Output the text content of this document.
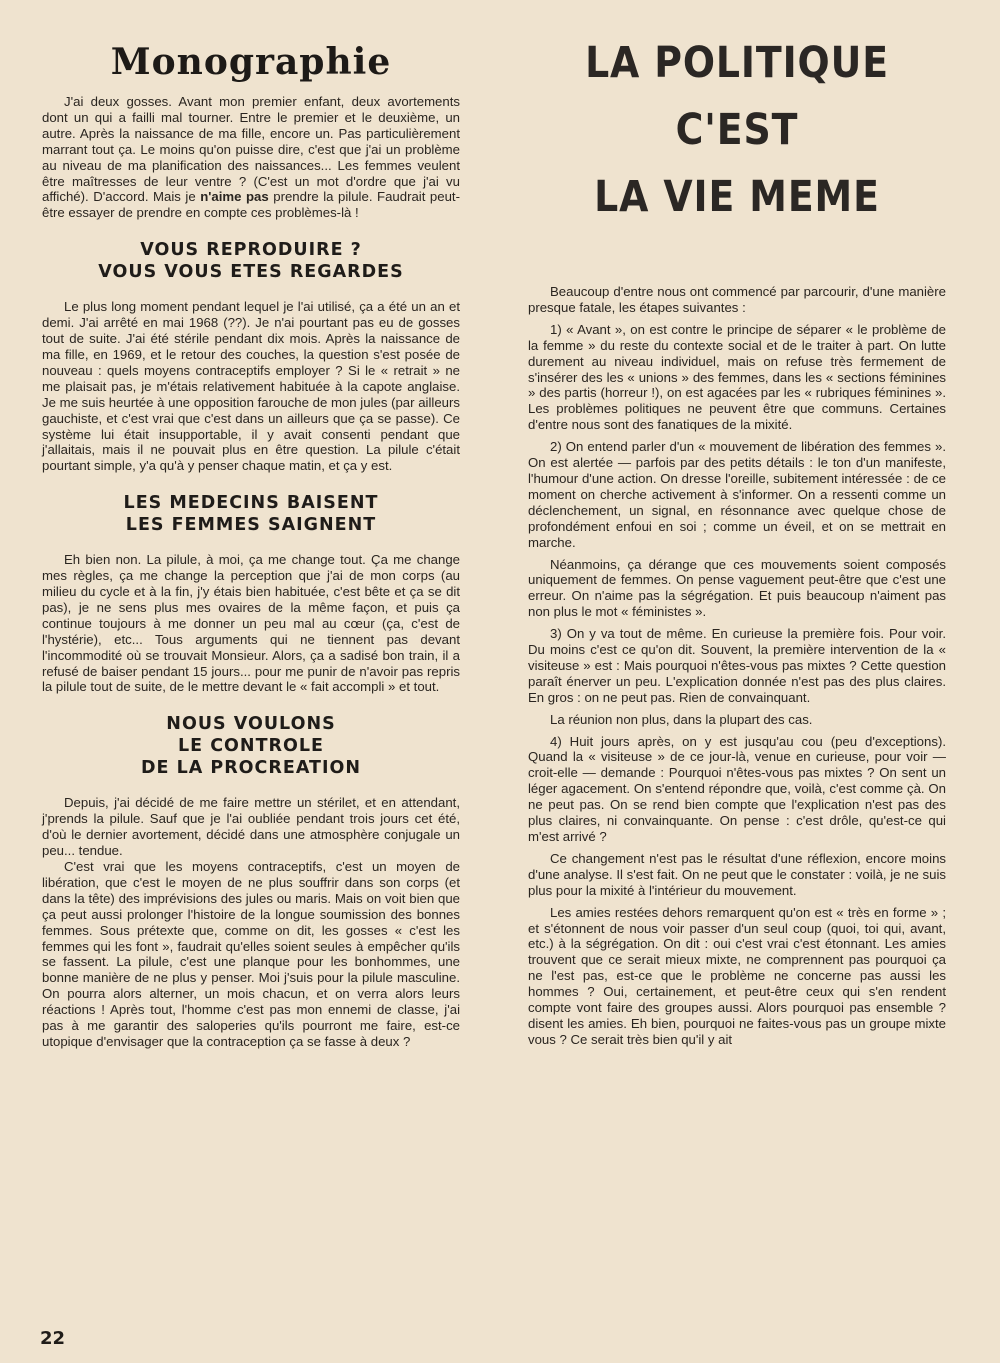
Monographie

J'ai deux gosses. Avant mon premier enfant, deux avortements dont un qui a failli mal tourner. Entre le premier et le deuxième, un autre. Après la naissance de ma fille, encore un. Pas particulièrement marrant tout ça. Le moins qu'on puisse dire, c'est que j'ai un problème au niveau de ma planification des naissances... Les femmes veulent être maîtresses de leur ventre ? (C'est un mot d'ordre que j'ai vu affiché). D'accord. Mais je n'aime pas prendre la pilule. Faudrait peut-être essayer de prendre en compte ces problèmes-là !

VOUS REPRODUIRE ?
VOUS VOUS ETES REGARDES

Le plus long moment pendant lequel je l'ai utilisé, ça a été un an et demi. J'ai arrêté en mai 1968 (??). Je n'ai pourtant pas eu de gosses tout de suite. J'ai été stérile pendant dix mois. Après la naissance de ma fille, en 1969, et le retour des couches, la question s'est posée de nouveau : quels moyens contraceptifs employer ? Si le « retrait » ne me plaisait pas, je m'étais relativement habituée à la capote anglaise. Je me suis heurtée à une opposition farouche de mon jules (par ailleurs gauchiste, et c'est vrai que c'est dans un ailleurs que ça se passe). Ce système lui était insupportable, il y avait consenti pendant que j'allaitais, mais il ne pouvait plus en être question. La pilule c'était pourtant simple, y'a qu'à y penser chaque matin, et ça y est.

LES MEDECINS BAISENT
LES FEMMES SAIGNENT

Eh bien non. La pilule, à moi, ça me change tout. Ça me change mes règles, ça me change la perception que j'ai de mon corps (au milieu du cycle et à la fin, j'y étais bien habituée, c'est bête et ça se dit pas), je ne sens plus mes ovaires de la même façon, et puis ça continue toujours à me donner un peu mal au cœur (ça, c'est de l'hystérie), etc... Tous arguments qui ne tiennent pas devant l'incommodité où se trouvait Monsieur. Alors, ça a sadisé bon train, il a refusé de baiser pendant 15 jours... pour me punir de n'avoir pas repris la pilule tout de suite, de le mettre devant le « fait accompli » et tout.

NOUS VOULONS
LE CONTROLE
DE LA PROCREATION

Depuis, j'ai décidé de me faire mettre un stérilet, et en attendant, j'prends la pilule. Sauf que je l'ai oubliée pendant trois jours cet été, d'où le dernier avortement, décidé dans une atmosphère conjugale un peu... tendue.

C'est vrai que les moyens contraceptifs, c'est un moyen de libération, que c'est le moyen de ne plus souffrir dans son corps (et dans la tête) des imprévisions des jules ou maris. Mais on voit bien que ça peut aussi prolonger l'histoire de la longue soumission des bonnes femmes. Sous prétexte que, comme on dit, les gosses « c'est les femmes qui les font », faudrait qu'elles soient seules à empêcher qu'ils se fassent. La pilule, c'est une planque pour les bonhommes, une bonne manière de ne plus y penser. Moi j'suis pour la pilule masculine. On pourra alors alterner, un mois chacun, et on verra alors leurs réactions ! Après tout, l'homme c'est pas mon ennemi de classe, j'ai pas à me garantir des saloperies qu'ils pourront me faire, est-ce utopique d'envisager que la contraception ça se fasse à deux ?

LA POLITIQUE
C'EST
LA VIE MEME

Beaucoup d'entre nous ont commencé par parcourir, d'une manière presque fatale, les étapes suivantes :

1) « Avant », on est contre le principe de séparer « le problème de la femme » du reste du contexte social et de le traiter à part. On lutte durement au niveau individuel, mais on refuse très fermement de s'insérer des les « unions » des femmes, dans les « sections féminines » des partis (horreur !), on est agacées par les « rubriques féminines ». Les problèmes politiques ne peuvent être que communs. Certaines d'entre nous sont des fanatiques de la mixité.

2) On entend parler d'un « mouvement de libération des femmes ». On est alertée — parfois par des petits détails : le ton d'un manifeste, l'humour d'une action. On dresse l'oreille, subitement intéressée : de ce moment on cherche activement à s'informer. On a ressenti comme un déclenchement, un signal, en résonnance avec quelque chose de profondément enfoui en soi ; comme un éveil, et on se mettrait en marche.

Néanmoins, ça dérange que ces mouvements soient composés uniquement de femmes. On pense vaguement peut-être que c'est une erreur. On n'aime pas la ségrégation. Et puis beaucoup n'aiment pas non plus le mot « féministes ».

3) On y va tout de même. En curieuse la première fois. Pour voir. Du moins c'est ce qu'on dit. Souvent, la première intervention de la « visiteuse » est : Mais pourquoi n'êtes-vous pas mixtes ? Cette question paraît énerver un peu. L'explication donnée n'est pas des plus claires. En gros : on ne peut pas. Rien de convainquant.

La réunion non plus, dans la plupart des cas.

4) Huit jours après, on y est jusqu'au cou (peu d'exceptions). Quand la « visiteuse » de ce jour-là, venue en curieuse, pour voir — croit-elle — demande : Pourquoi n'êtes-vous pas mixtes ? On sent un léger agacement. On s'entend répondre que, voilà, c'est comme çà. On ne peut pas. On se rend bien compte que l'explication n'est pas des plus claires, ni convainquante. On pense : c'est drôle, qu'est-ce qui m'est arrivé ?

Ce changement n'est pas le résultat d'une réflexion, encore moins d'une analyse. Il s'est fait. On ne peut que le constater : voilà, je ne suis plus pour la mixité à l'intérieur du mouvement.

Les amies restées dehors remarquent qu'on est « très en forme » ; et s'étonnent de nous voir passer d'un seul coup (quoi, toi qui, avant, etc.) à la ségrégation. On dit : oui c'est vrai c'est étonnant. Les amies trouvent que ce serait mieux mixte, ne comprennent pas pourquoi ça ne l'est pas, est-ce que le problème ne concerne pas aussi les hommes ? Oui, certainement, et peut-être ceux qui s'en rendent compte vont faire des groupes aussi. Alors pourquoi pas ensemble ? disent les amies. Eh bien, pourquoi ne faites-vous pas un groupe mixte vous ? Ce serait très bien qu'il y ait

22
